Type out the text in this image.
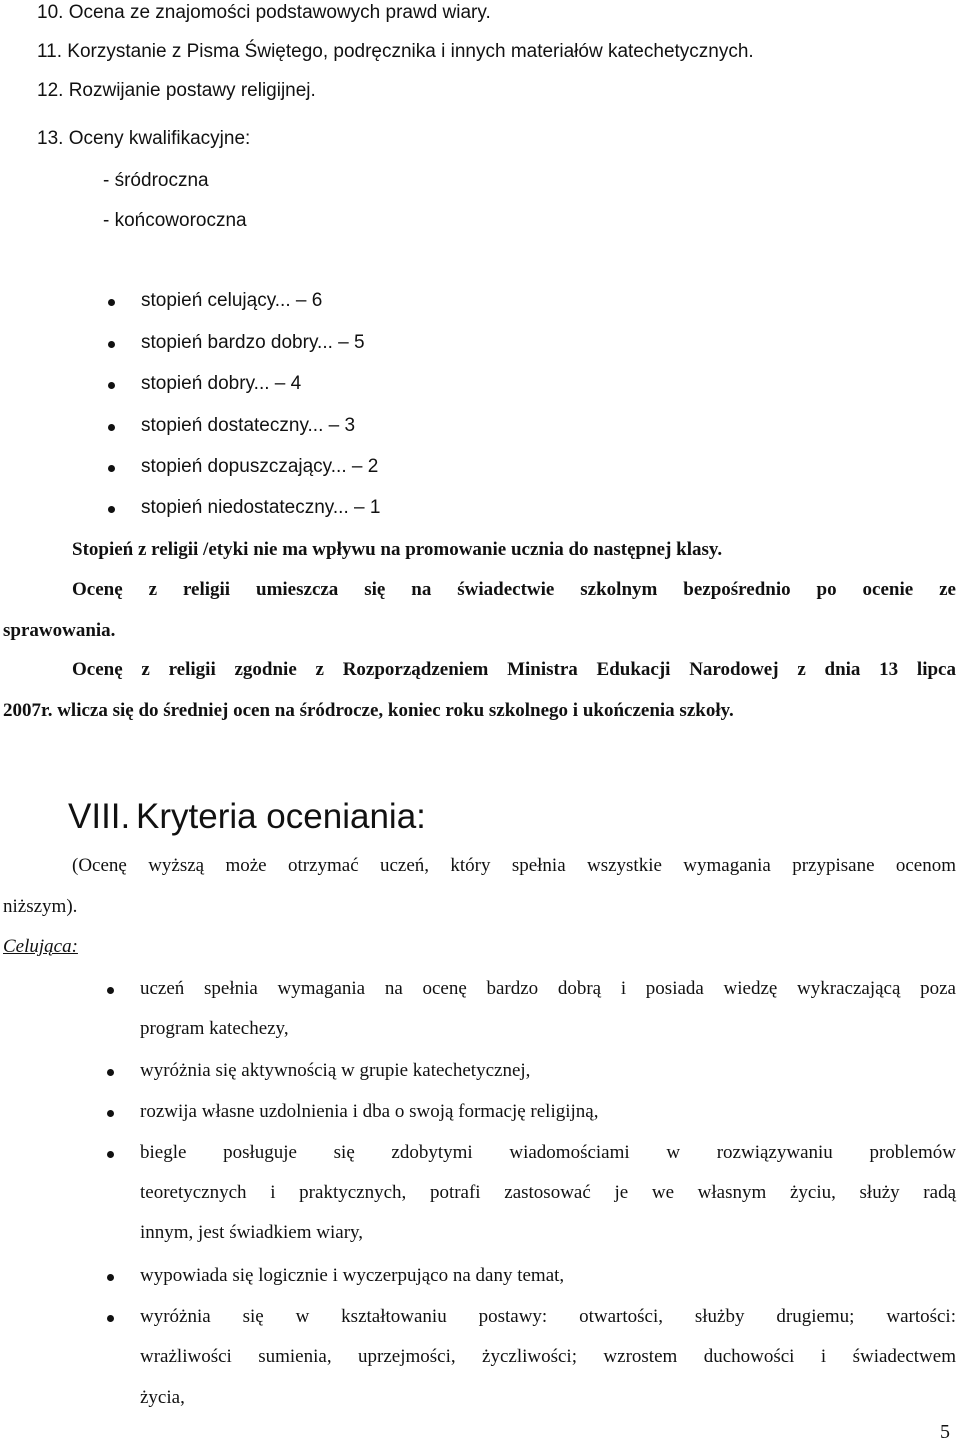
10. Ocena ze znajomości podstawowych prawd wiary.
11. Korzystanie z Pisma Świętego, podręcznika i innych materiałów katechetycznych.
12. Rozwijanie postawy religijnej.
13. Oceny kwalifikacyjne:
- śródroczna
- końcoworoczna
stopień celujący... – 6
stopień bardzo dobry... – 5
stopień dobry... – 4
stopień dostateczny... – 3
stopień dopuszczający... – 2
stopień niedostateczny... – 1
Stopień z religii /etyki nie ma wpływu na promowanie ucznia do następnej klasy.
Ocenę z religii umieszcza się na świadectwie szkolnym bezpośrednio po ocenie ze
sprawowania.
Ocenę z religii zgodnie z Rozporządzeniem Ministra Edukacji Narodowej z dnia 13 lipca
2007r. wlicza się do średniej ocen na śródrocze, koniec roku szkolnego i ukończenia szkoły.
VIII. Kryteria oceniania:
(Ocenę wyższą może otrzymać uczeń, który spełnia wszystkie wymagania przypisane ocenom
niższym).
Celująca:
uczeń spełnia wymagania na ocenę bardzo dobrą i posiada wiedzę wykraczającą poza
program katechezy,
wyróżnia się aktywnością w grupie katechetycznej,
rozwija własne uzdolnienia i dba o swoją formację religijną,
biegle posługuje się zdobytymi wiadomościami w rozwiązywaniu problemów
teoretycznych i praktycznych, potrafi zastosować je we własnym życiu, służy radą
innym, jest świadkiem wiary,
wypowiada się logicznie i wyczerpująco na dany temat,
wyróżnia się w kształtowaniu postawy: otwartości, służby drugiemu; wartości:
wrażliwości sumienia, uprzejmości, życzliwości; wzrostem duchowości i świadectwem
życia,
5
